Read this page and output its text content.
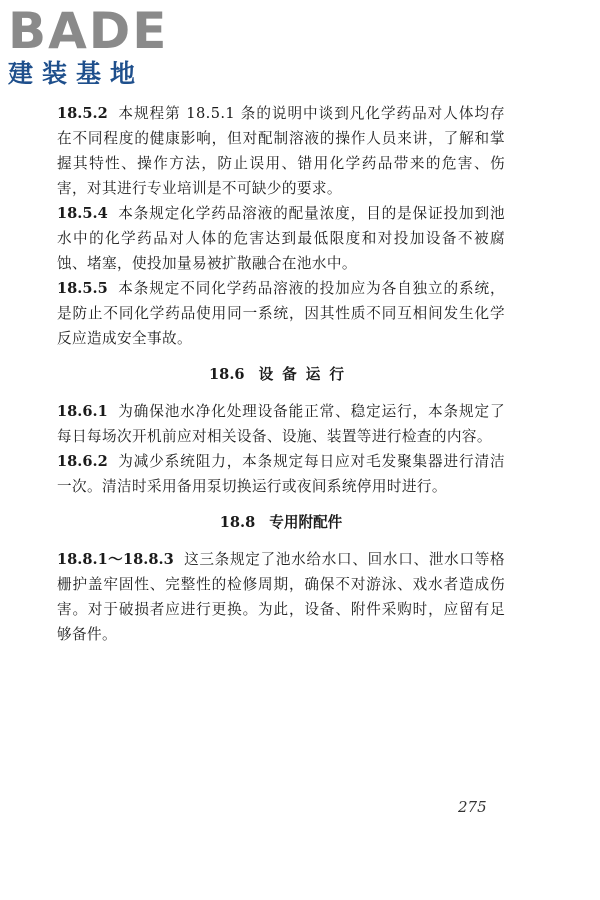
BADE
建装基地

18.5.2 本规程第 18.5.1 条的说明中谈到凡化学药品对人体均存在不同程度的健康影响，但对配制溶液的操作人员来讲，了解和掌握其特性、操作方法，防止误用、错用化学药品带来的危害、伤害，对其进行专业培训是不可缺少的要求。

18.5.4 本条规定化学药品溶液的配量浓度，目的是保证投加到池水中的化学药品对人体的危害达到最低限度和对投加设备不被腐蚀、堵塞，使投加量易被扩散融合在池水中。

18.5.5 本条规定不同化学药品溶液的投加应为各自独立的系统，是防止不同化学药品使用同一系统，因其性质不同互相间发生化学反应造成安全事故。

18.6 设备运行

18.6.1 为确保池水净化处理设备能正常、稳定运行，本条规定了每日每场次开机前应对相关设备、设施、装置等进行检查的内容。

18.6.2 为减少系统阻力，本条规定每日应对毛发聚集器进行清洁一次。清洁时采用备用泵切换运行或夜间系统停用时进行。

18.8 专用附配件

18.8.1～18.8.3 这三条规定了池水给水口、回水口、泄水口等格栅护盖牢固性、完整性的检修周期，确保不对游泳、戏水者造成伤害。对于破损者应进行更换。为此，设备、附件采购时，应留有足够备件。

275
